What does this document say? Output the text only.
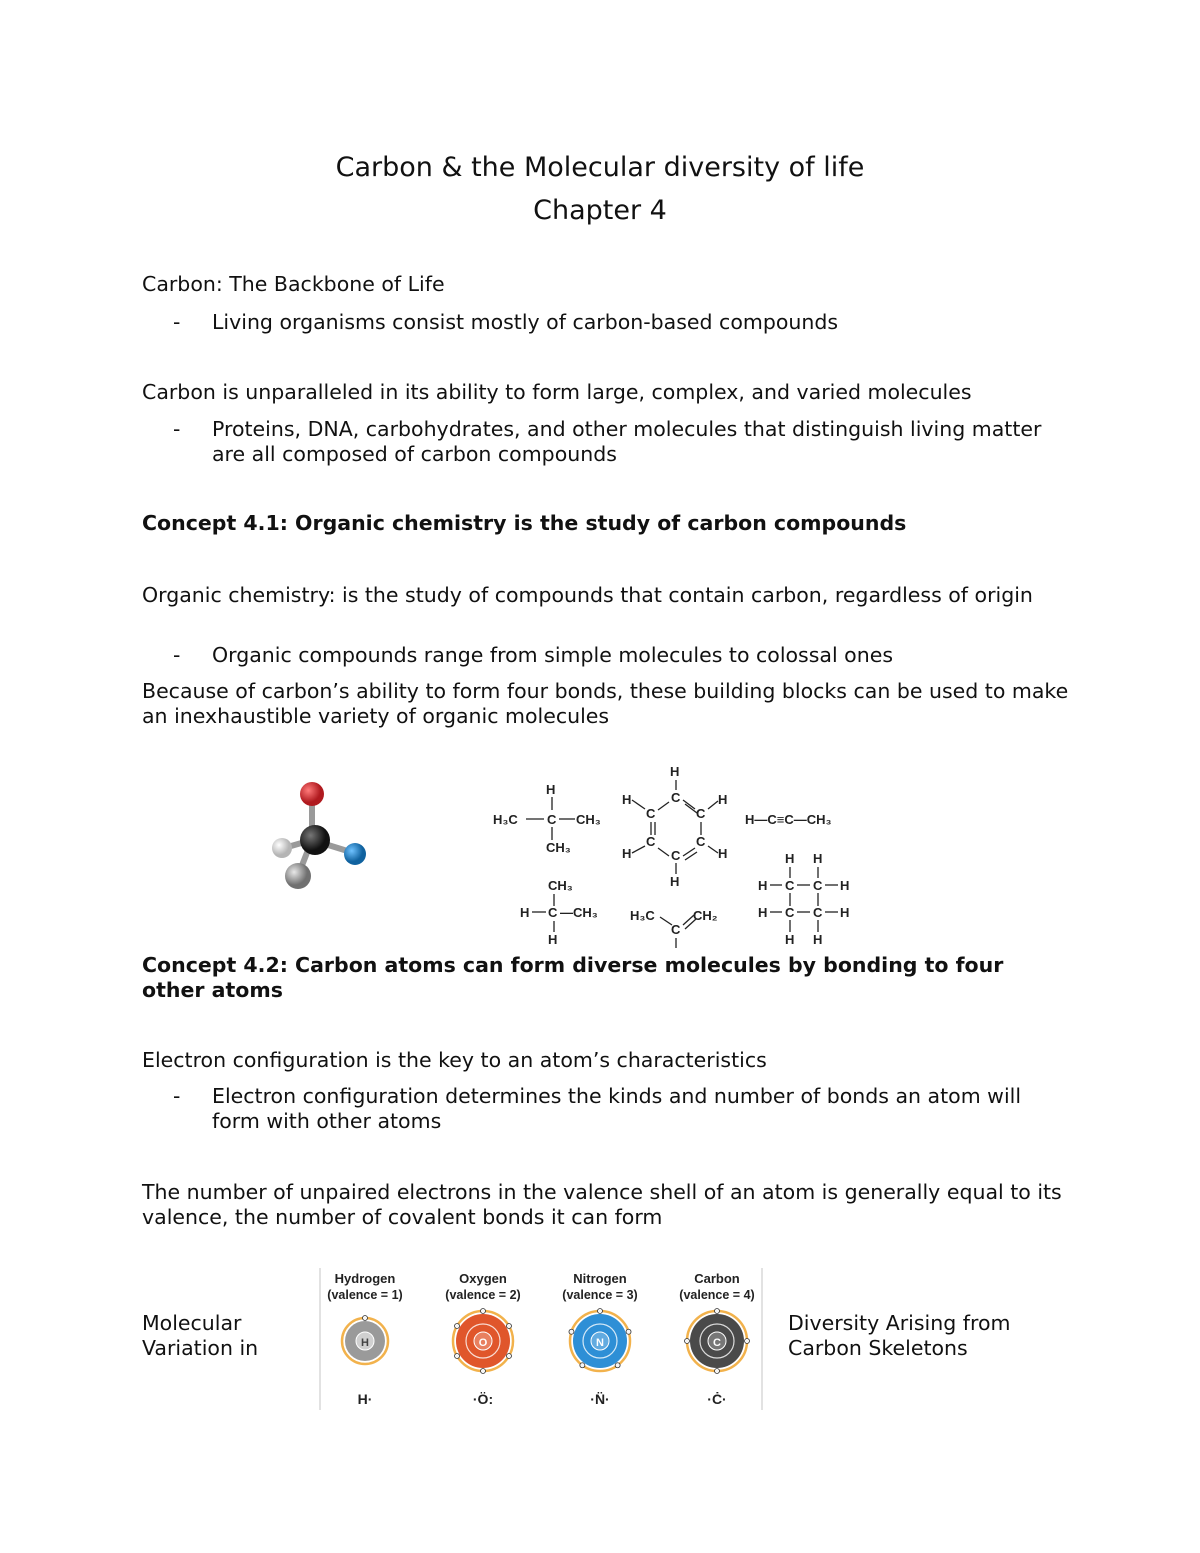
Carbon & the Molecular diversity of life
Chapter 4
Carbon: The Backbone of Life
- Living organisms consist mostly of carbon-based compounds
Carbon is unparalleled in its ability to form large, complex, and varied molecules
- Proteins, DNA, carbohydrates, and other molecules that distinguish living matter are all composed of carbon compounds
Concept 4.1: Organic chemistry is the study of carbon compounds
Organic chemistry: is the study of compounds that contain carbon, regardless of origin
- Organic compounds range from simple molecules to colossal ones
Because of carbon’s ability to form four bonds, these building blocks can be used to make an inexhaustible variety of organic molecules
H
H₃C C CH₃
CH₃
H
C
H	H
C	C
C	C
C
H	H
H
H—C≡C—CH₃
CH₃
H C —CH₃
H
H₃C
C
CH₂
H H
H C C H
H C C H
H H
Concept 4.2: Carbon atoms can form diverse molecules by bonding to four other atoms
Electron configuration is the key to an atom’s characteristics
- Electron configuration determines the kinds and number of bonds an atom will form with other atoms
The number of unpaired electrons in the valence shell of an atom is generally equal to its valence, the number of covalent bonds it can form
Molecular Variation in
Diversity Arising from Carbon Skeletons
Hydrogen
(valence = 1)
H
H·
Oxygen
(valence = 2)
O
·Ö:
Nitrogen
(valence = 3)
N
·N̈·
Carbon
(valence = 4)
C
·Ċ·
